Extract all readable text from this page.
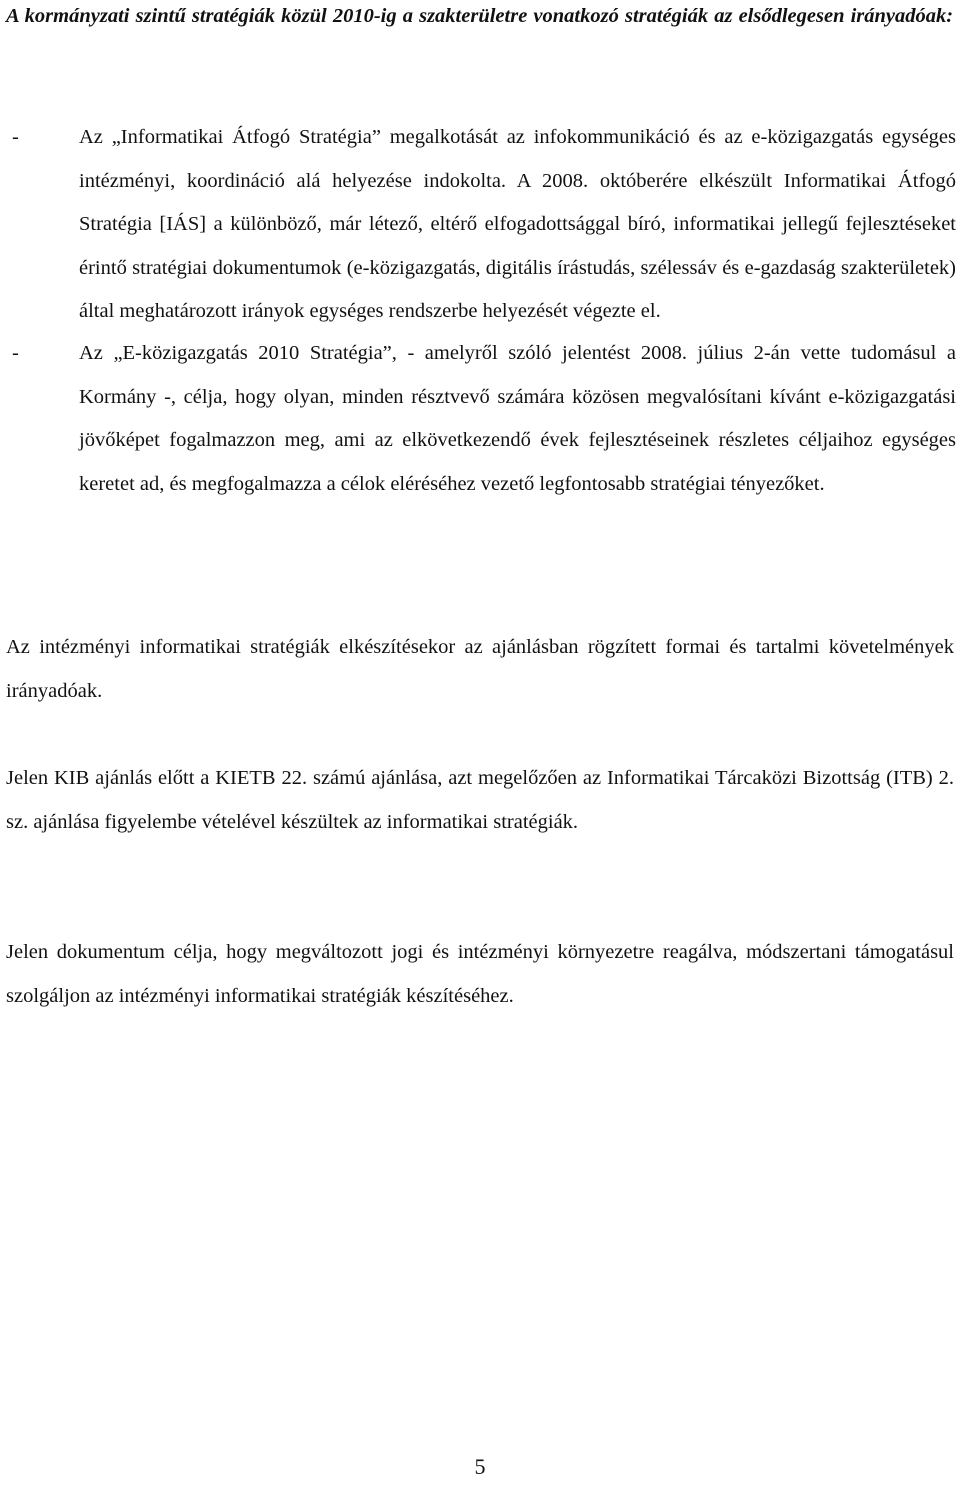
A kormányzati szintű stratégiák közül 2010-ig a szakterületre vonatkozó stratégiák az elsődlegesen irányadóak:

-	Az „Informatikai Átfogó Stratégia” megalkotását az infokommunikáció és az e-közigazgatás egységes intézményi, koordináció alá helyezése indokolta. A 2008. októberére elkészült Informatikai Átfogó Stratégia [IÁS] a különböző, már létező, eltérő elfogadottsággal bíró, informatikai jellegű fejlesztéseket érintő stratégiai dokumentumok (e-közigazgatás, digitális írástudás, szélessáv és e-gazdaság szakterületek) által meghatározott irányok egységes rendszerbe helyezését végezte el.
-	Az „E-közigazgatás 2010 Stratégia”, - amelyről szóló jelentést 2008. július 2-án vette tudomásul a Kormány -, célja, hogy olyan, minden résztvevő számára közösen megvalósítani kívánt e-közigazgatási jövőképet fogalmazzon meg, ami az elkövetkezendő évek fejlesztéseinek részletes céljaihoz egységes keretet ad, és megfogalmazza a célok eléréséhez vezető legfontosabb stratégiai tényezőket.

Az intézményi informatikai stratégiák elkészítésekor az ajánlásban rögzített formai és tartalmi követelmények irányadóak.

Jelen KIB ajánlás előtt a KIETB 22. számú ajánlása, azt megelőzően az Informatikai Tárcaközi Bizottság (ITB) 2. sz. ajánlása figyelembe vételével készültek az informatikai stratégiák.

Jelen dokumentum célja, hogy megváltozott jogi és intézményi környezetre reagálva, módszertani támogatásul szolgáljon az intézményi informatikai stratégiák készítéséhez.

5
